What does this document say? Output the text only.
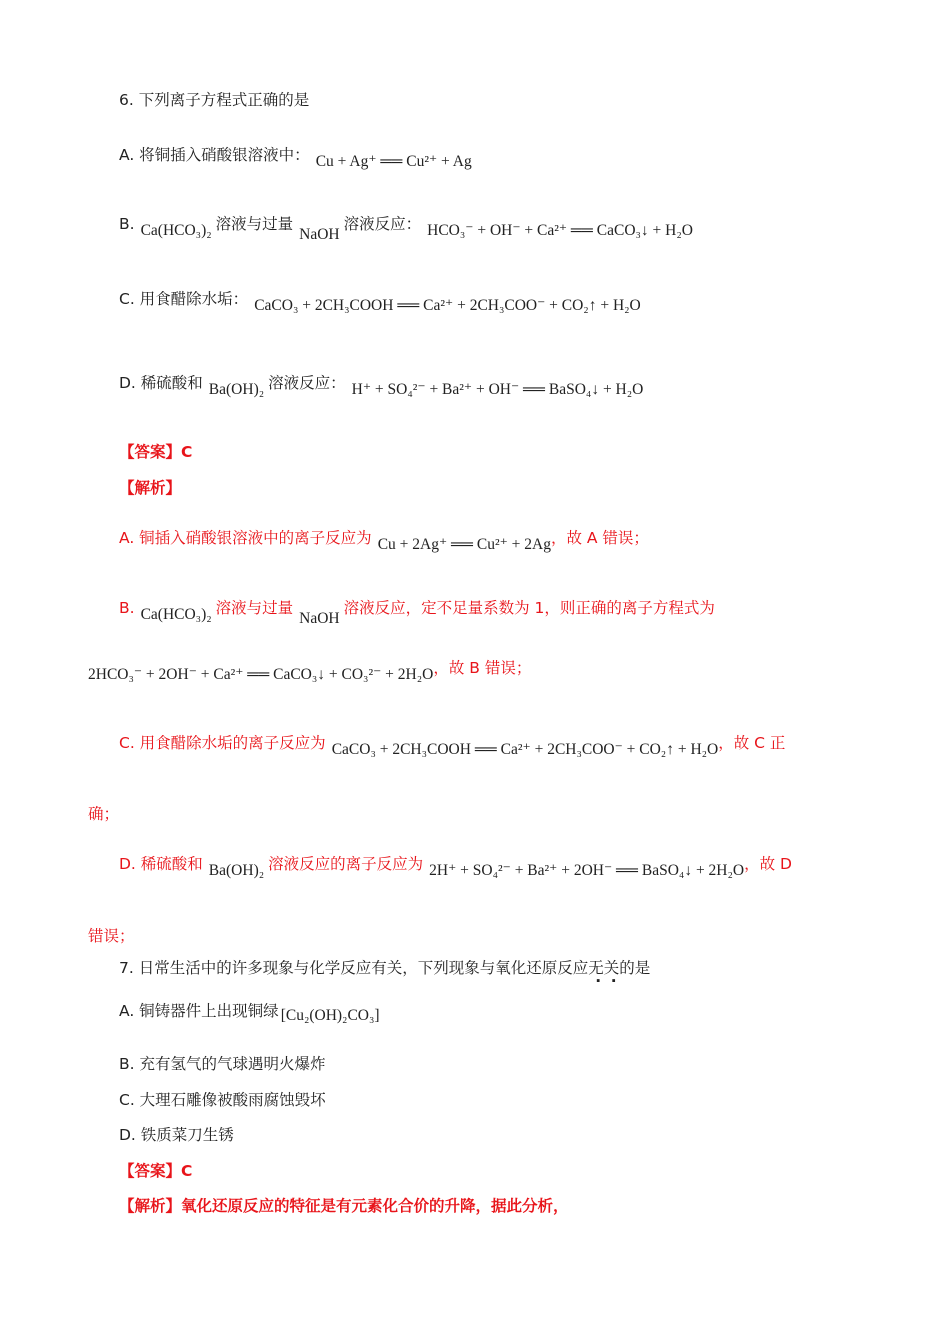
6. 下列离子方程式正确的是
A. 将铜插入硝酸银溶液中： Cu + Ag⁺ ══ Cu²⁺ + Ag
B. Ca(HCO₃)₂ 溶液与过量NaOH溶液反应： HCO₃⁻ + OH⁻ + Ca²⁺ ══ CaCO₃↓ + H₂O
C. 用食醋除水垢： CaCO₃ + 2CH₃COOH ══ Ca²⁺ + 2CH₃COO⁻ + CO₂↑ + H₂O
D. 稀硫酸和 Ba(OH)₂ 溶液反应： H⁺ + SO₄²⁻ + Ba²⁺ + OH⁻ ══ BaSO₄↓ + H₂O
【答案】C
【解析】
A. 铜插入硝酸银溶液中的离子反应为 Cu + 2Ag⁺ ══ Cu²⁺ + 2Ag，故 A 错误；
B. Ca(HCO₃)₂ 溶液与过量NaOH溶液反应，定不足量系数为 1，则正确的离子方程式为
2HCO₃⁻ + 2OH⁻ + Ca²⁺ ══ CaCO₃↓ + CO₃²⁻ + 2H₂O，故 B 错误；
C. 用食醋除水垢的离子反应为 CaCO₃ + 2CH₃COOH ══ Ca²⁺ + 2CH₃COO⁻ + CO₂↑ + H₂O，故 C 正
确；
D. 稀硫酸和 Ba(OH)₂ 溶液反应的离子反应为 2H⁺ + SO₄²⁻ + Ba²⁺ + 2OH⁻ ══ BaSO₄↓ + 2H₂O，故 D
错误；
7. 日常生活中的许多现象与化学反应有关，下列现象与氧化还原反应无关的是
A. 铜铸器件上出现铜绿 [Cu₂(OH)₂CO₃]
B. 充有氢气的气球遇明火爆炸
C. 大理石雕像被酸雨腐蚀毁坏
D. 铁质菜刀生锈
【答案】C
【解析】氧化还原反应的特征是有元素化合价的升降，据此分析，
